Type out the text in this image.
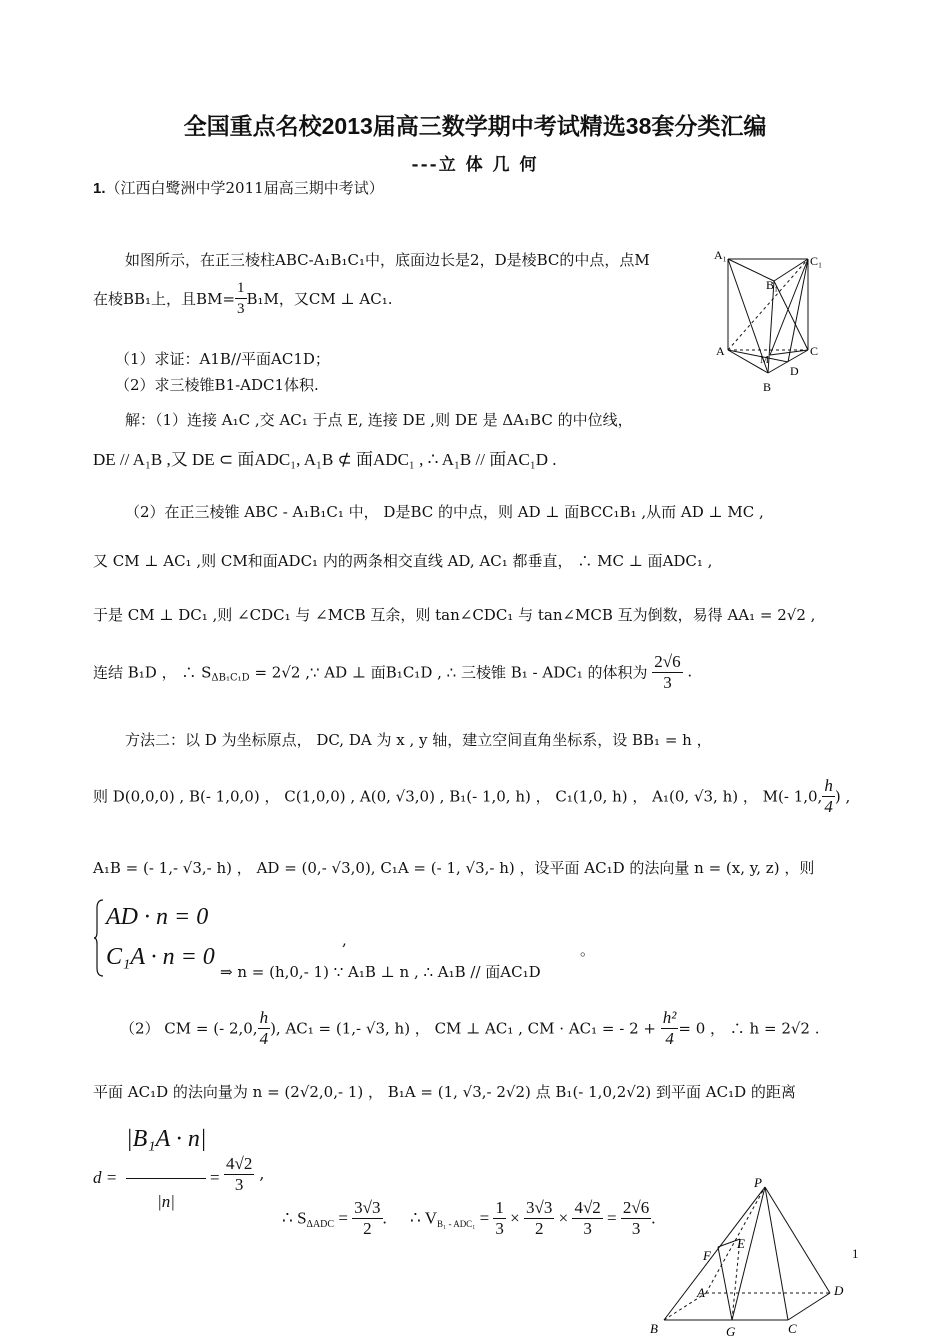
全国重点名校2013届高三数学期中考试精选38套分类汇编
---立 体 几 何
1.（江西白鹭洲中学2011届高三期中考试）
如图所示，在正三棱柱ABC-A₁B₁C₁中，底面边长是2，D是棱BC的中点，点M
在棱BB₁上，且$BM= \frac{1}{3} B_1M$，又CM ⊥ AC₁.
（1）求证：A1B//平面AC1D；
（2）求三棱锥B1-ADC1体积.
解：（1）连接 A₁C ,交 AC₁ 于点 E, 连接 DE ,则 DE 是 ΔA₁BC 的中位线，
DE // A₁B ,又 DE ⊂ 面ADC₁, A₁B ⊄ 面ADC₁ , ∴ A₁B // 面AC₁D .
（2）在正三棱锥 ABC - A₁B₁C₁ 中， D是BC 的中点，则 AD ⊥ 面BCC₁B₁ ,从而 AD ⊥ MC ,
又 CM ⊥ AC₁ ,则 CM和面ADC₁ 内的两条相交直线 AD, AC₁ 都垂直， ∴ MC ⊥ 面ADC₁ ,
于是 CM ⊥ DC₁ ,则 ∠CDC₁ 与 ∠MCB 互余，则 tan∠CDC₁ 与 tan∠MCB 互为倒数，易得 AA₁ = 2√2 ,
连结 B₁D ， ∴ $S_{\Delta B_1C_1D} = 2√2$ ,∵ AD ⊥ 面B₁C₁D , ∴ 三棱锥 B₁ - ADC₁ 的体积为 $\frac{2√6}{3}$ .
方法二：以 D 为坐标原点， DC, DA 为 x , y 轴，建立空间直角坐标系，设 BB₁ = h ，
则 D(0,0,0) , B(- 1,0,0) ， C(1,0,0) , A(0, √3,0) , B₁(- 1,0, h) ， C₁(1,0, h) ， A₁(0, √3, h) ， M(- 1,0, $\frac{h}{4}$ ) ,
A₁B = (- 1,- √3,- h) ， AD = (0,- √3,0), C₁A = (- 1, √3,- h) ，设平面 AC₁D 的法向量 n = (x, y, z) ，则
AD · n = 0
C₁A · n = 0
,
⇒ n = (h,0,- 1) ∵ A₁B ⊥ n , ∴ A₁B // 面AC₁D
。
（2） CM = (- 2,0, $\frac{h}{4}$ ), AC₁ = (1,- √3, h) ， CM ⊥ AC₁ , CM · AC₁ = - $2 + \frac{\text{h²}}{4} = 0$ ， ∴ h = 2√2 .
平面 AC₁D 的法向量为 n = (2√2,0,- 1) ， B₁A = (1, √3,- 2√2) 点 B₁(- 1,0,2√2) 到平面 AC₁D 的距离
d =
|B₁A · n|
|n|
= $\frac{4√2}{3}$ ,
∴ $S_{\Delta ADC} = \frac{3√3}{2}$ . ∴ $V_{B_1 - ADC_1} = \frac{1}{3} \times \frac{3√3}{2} \times \frac{4√2}{3} = \frac{2√6}{3}$ .
A₁	C₁
B₁
A	C
B
M
D
P
E
F
A	D
B	G	C
1
